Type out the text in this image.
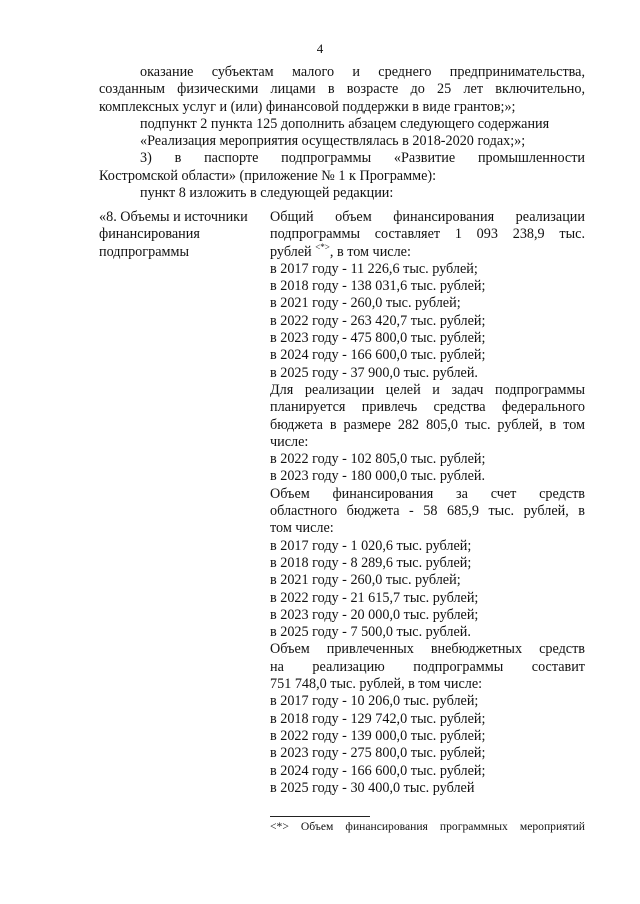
4

оказание субъектам малого и среднего предпринимательства,

созданным физическими лицами в возрасте до 25 лет включительно,

комплексных услуг и (или) финансовой поддержки в виде грантов;»;

подпункт 2 пункта 125 дополнить абзацем следующего содержания

«Реализация мероприятия осуществлялась в 2018-2020 годах;»;

3) в паспорте подпрограммы «Развитие промышленности

Костромской области» (приложение № 1 к Программе):

пункт 8 изложить в следующей редакции:

«8. Объемы и источники
финансирования
подпрограммы
Общий объем финансирования реализации
подпрограммы составляет 1 093 238,9 тыс.
рублей <*>, в том числе:
в 2017 году - 11 226,6 тыс. рублей;
в 2018 году - 138 031,6 тыс. рублей;
в 2021 году - 260,0 тыс. рублей;
в 2022 году - 263 420,7 тыс. рублей;
в 2023 году - 475 800,0 тыс. рублей;
в 2024 году - 166 600,0 тыс. рублей;
в 2025 году - 37 900,0 тыс. рублей.
Для реализации целей и задач подпрограммы
планируется привлечь средства федерального
бюджета в размере 282 805,0 тыс. рублей, в том
числе:
в 2022 году - 102 805,0 тыс. рублей;
в 2023 году - 180 000,0 тыс. рублей.
Объем финансирования за счет средств
областного бюджета - 58 685,9 тыс. рублей, в
том числе:
в 2017 году - 1 020,6 тыс. рублей;
в 2018 году - 8 289,6 тыс. рублей;
в 2021 году - 260,0 тыс. рублей;
в 2022 году - 21 615,7 тыс. рублей;
в 2023 году - 20 000,0 тыс. рублей;
в 2025 году - 7 500,0 тыс. рублей.
Объем привлеченных внебюджетных средств
на реализацию подпрограммы составит
751 748,0 тыс. рублей, в том числе:
в 2017 году - 10 206,0 тыс. рублей;
в 2018 году - 129 742,0 тыс. рублей;
в 2022 году - 139 000,0 тыс. рублей;
в 2023 году - 275 800,0 тыс. рублей;
в 2024 году - 166 600,0 тыс. рублей;
в 2025 году - 30 400,0 тыс. рублей
<*> Объем финансирования программных мероприятий
